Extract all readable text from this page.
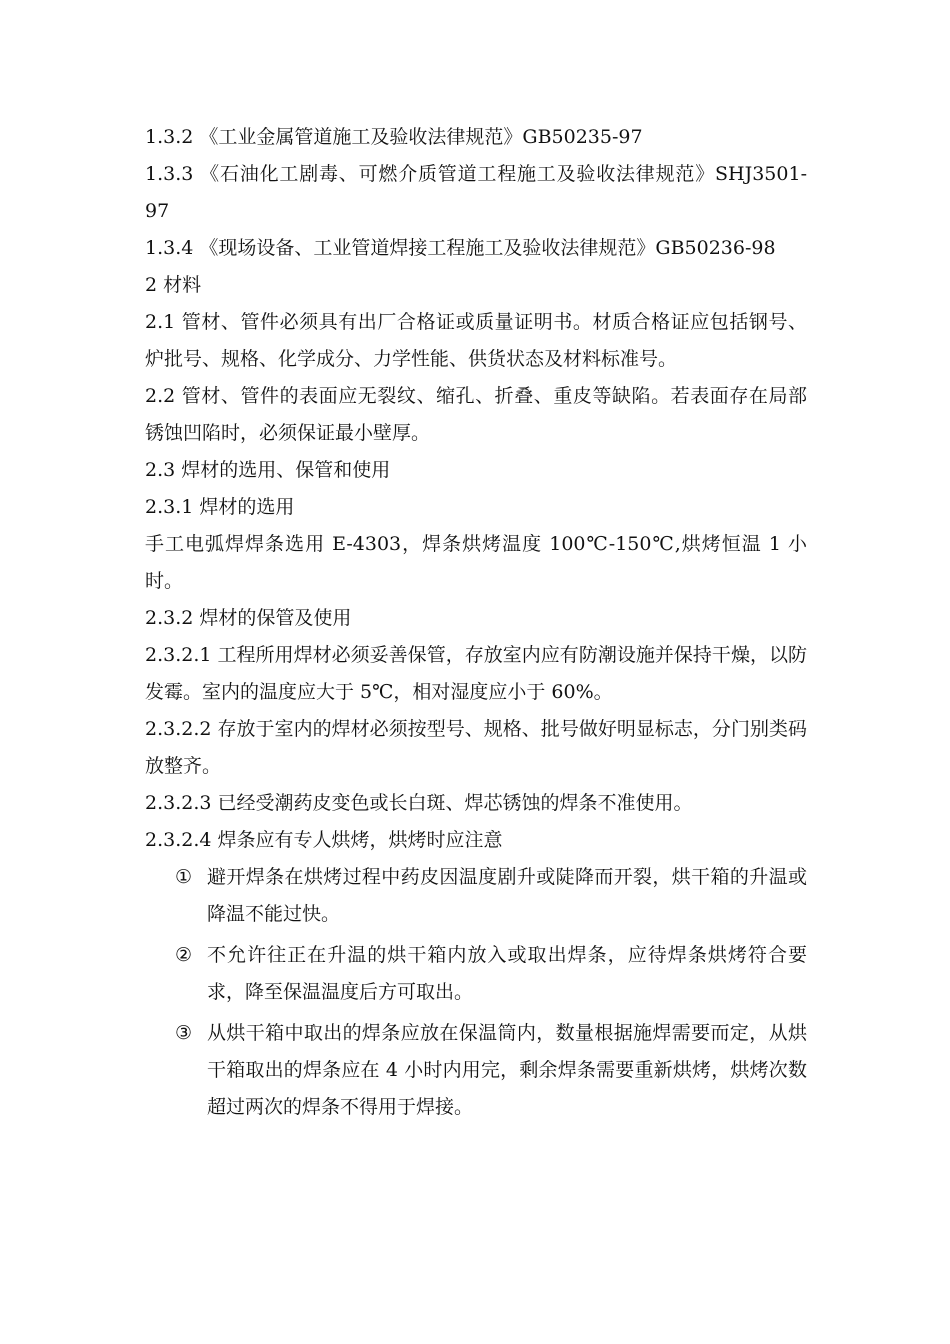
1.3.2 《工业金属管道施工及验收法律规范》GB50235-97

1.3.3 《石油化工剧毒、可燃介质管道工程施工及验收法律规范》SHJ3501-97

1.3.4 《现场设备、工业管道焊接工程施工及验收法律规范》GB50236-98

2 材料

2.1 管材、管件必须具有出厂合格证或质量证明书。材质合格证应包括钢号、炉批号、规格、化学成分、力学性能、供货状态及材料标准号。

2.2 管材、管件的表面应无裂纹、缩孔、折叠、重皮等缺陷。若表面存在局部锈蚀凹陷时，必须保证最小壁厚。

2.3 焊材的选用、保管和使用

2.3.1 焊材的选用

手工电弧焊焊条选用 E-4303，焊条烘烤温度 100℃-150℃,烘烤恒温 1 小时。

2.3.2 焊材的保管及使用

2.3.2.1 工程所用焊材必须妥善保管，存放室内应有防潮设施并保持干燥，以防发霉。室内的温度应大于 5℃，相对湿度应小于 60%。

2.3.2.2 存放于室内的焊材必须按型号、规格、批号做好明显标志，分门别类码放整齐。

2.3.2.3 已经受潮药皮变色或长白斑、焊芯锈蚀的焊条不准使用。

2.3.2.4 焊条应有专人烘烤，烘烤时应注意

① 避开焊条在烘烤过程中药皮因温度剧升或陡降而开裂，烘干箱的升温或降温不能过快。
② 不允许往正在升温的烘干箱内放入或取出焊条，应待焊条烘烤符合要求，降至保温温度后方可取出。
③ 从烘干箱中取出的焊条应放在保温筒内，数量根据施焊需要而定，从烘干箱取出的焊条应在 4 小时内用完，剩余焊条需要重新烘烤，烘烤次数超过两次的焊条不得用于焊接。
